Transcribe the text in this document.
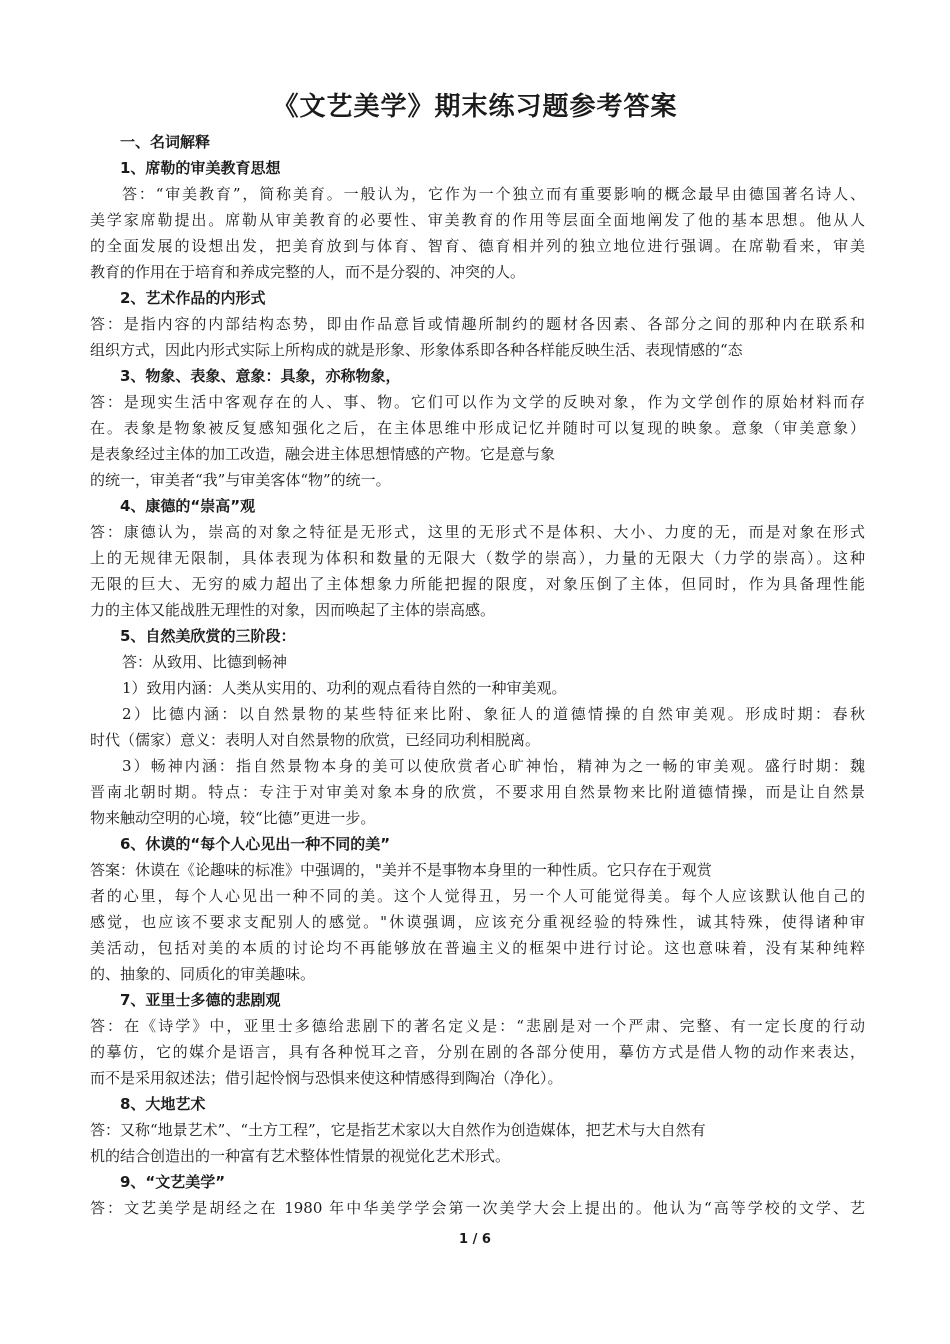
《文艺美学》期末练习题参考答案
一、名词解释
1、席勒的审美教育思想
答：“审美教育”，简称美育。一般认为，它作为一个独立而有重要影响的概念最早由德国著名诗人、
美学家席勒提出。席勒从审美教育的必要性、审美教育的作用等层面全面地阐发了他的基本思想。他从人
的全面发展的设想出发，把美育放到与体育、智育、德育相并列的独立地位进行强调。在席勒看来，审美
教育的作用在于培育和养成完整的人，而不是分裂的、冲突的人。
2、艺术作品的内形式
答：是指内容的内部结构态势，即由作品意旨或情趣所制约的题材各因素、各部分之间的那种内在联系和
组织方式，因此内形式实际上所构成的就是形象、形象体系即各种各样能反映生活、表现情感的“态
3、物象、表象、意象：具象，亦称物象，
答：是现实生活中客观存在的人、事、物。它们可以作为文学的反映对象，作为文学创作的原始材料而存
在。表象是物象被反复感知强化之后，在主体思维中形成记忆并随时可以复现的映象。意象（审美意象）
是表象经过主体的加工改造，融会进主体思想情感的产物。它是意与象
的统一，审美者“我”与审美客体“物”的统一。
4、康德的“崇高”观
答：康德认为，崇高的对象之特征是无形式，这里的无形式不是体积、大小、力度的无，而是对象在形式
上的无规律无限制，具体表现为体积和数量的无限大（数学的崇高），力量的无限大（力学的崇高）。这种
无限的巨大、无穷的威力超出了主体想象力所能把握的限度，对象压倒了主体，但同时，作为具备理性能
力的主体又能战胜无理性的对象，因而唤起了主体的崇高感。
5、自然美欣赏的三阶段：
答：从致用、比德到畅神
1）致用内涵：人类从实用的、功利的观点看待自然的一种审美观。
2）比德内涵：以自然景物的某些特征来比附、象征人的道德情操的自然审美观。形成时期：春秋
时代（儒家）意义：表明人对自然景物的欣赏，已经同功利相脱离。
3）畅神内涵：指自然景物本身的美可以使欣赏者心旷神怡，精神为之一畅的审美观。盛行时期：魏
晋南北朝时期。特点：专注于对审美对象本身的欣赏，不要求用自然景物来比附道德情操，而是让自然景
物来触动空明的心境，较“比德”更进一步。
6、休谟的“每个人心见出一种不同的美”
答案：休谟在《论趣味的标准》中强调的，"美并不是事物本身里的一种性质。它只存在于观赏
者的心里，每个人心见出一种不同的美。这个人觉得丑，另一个人可能觉得美。每个人应该默认他自己的
感觉，也应该不要求支配别人的感觉。"休谟强调，应该充分重视经验的特殊性，诚其特殊，使得诸种审
美活动，包括对美的本质的讨论均不再能够放在普遍主义的框架中进行讨论。这也意味着，没有某种纯粹
的、抽象的、同质化的审美趣味。
7、亚里士多德的悲剧观
答：在《诗学》中，亚里士多德给悲剧下的著名定义是：“悲剧是对一个严肃、完整、有一定长度的行动
的摹仿，它的媒介是语言，具有各种悦耳之音，分别在剧的各部分使用，摹仿方式是借人物的动作来表达，
而不是采用叙述法；借引起怜悯与恐惧来使这种情感得到陶冶（净化）。
8、大地艺术
答：又称“地景艺术”、“土方工程”，它是指艺术家以大自然作为创造媒体，把艺术与大自然有
机的结合创造出的一种富有艺术整体性情景的视觉化艺术形式。
9、“文艺美学”
答：文艺美学是胡经之在 1980 年中华美学学会第一次美学大会上提出的。他认为“高等学校的文学、艺
1 / 6
